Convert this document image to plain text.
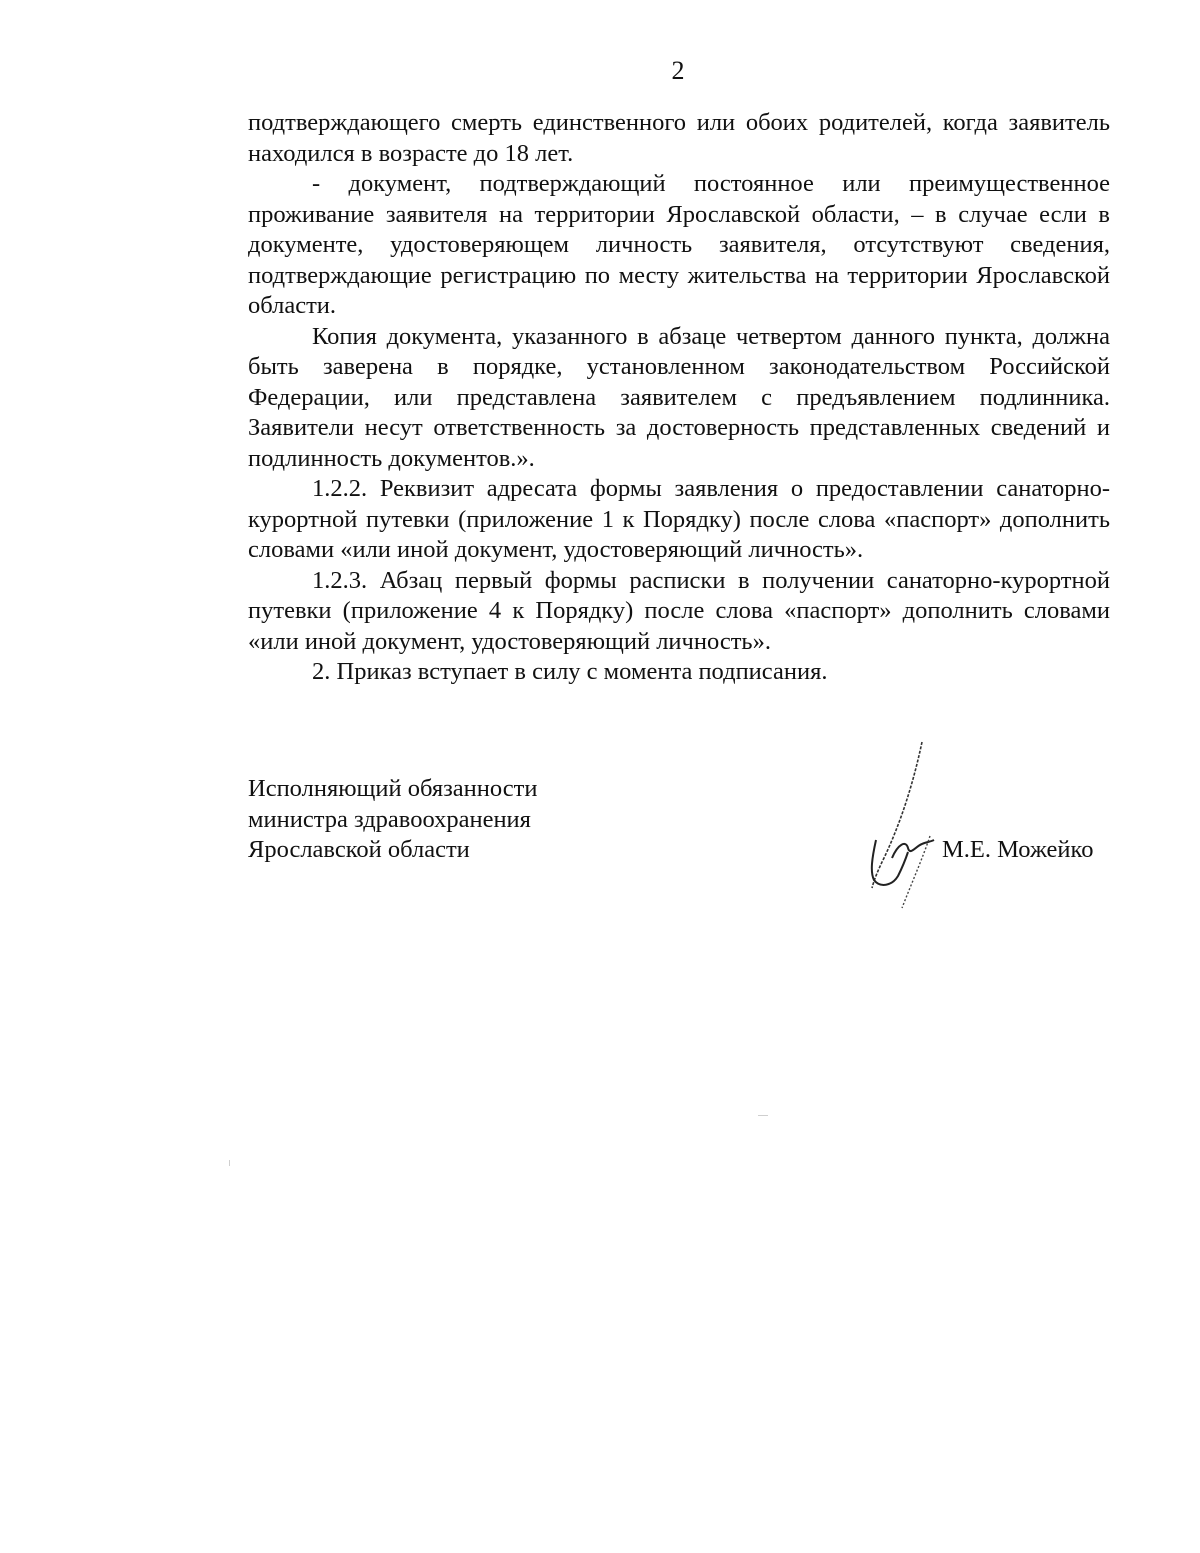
2

подтверждающего смерть единственного или обоих родителей, когда заявитель находился в возрасте до 18 лет.

- документ, подтверждающий постоянное или преимущественное проживание заявителя на территории Ярославской области, – в случае если в документе, удостоверяющем личность заявителя, отсутствуют сведения, подтверждающие регистрацию по месту жительства на территории Ярославской области.

Копия документа, указанного в абзаце четвертом данного пункта, должна быть заверена в порядке, установленном законодательством Российской Федерации, или представлена заявителем с предъявлением подлинника. Заявители несут ответственность за достоверность представленных сведений и подлинность документов.».

1.2.2. Реквизит адресата формы заявления о предоставлении санаторно-курортной путевки (приложение 1 к Порядку) после слова «паспорт» дополнить словами «или иной документ, удостоверяющий личность».

1.2.3. Абзац первый формы расписки в получении санаторно-курортной путевки (приложение 4 к Порядку) после слова «паспорт» дополнить словами «или иной документ, удостоверяющий личность».

2. Приказ вступает в силу с момента подписания.

Исполняющий обязанности
министра здравоохранения
Ярославской области	М.Е. Можейко
